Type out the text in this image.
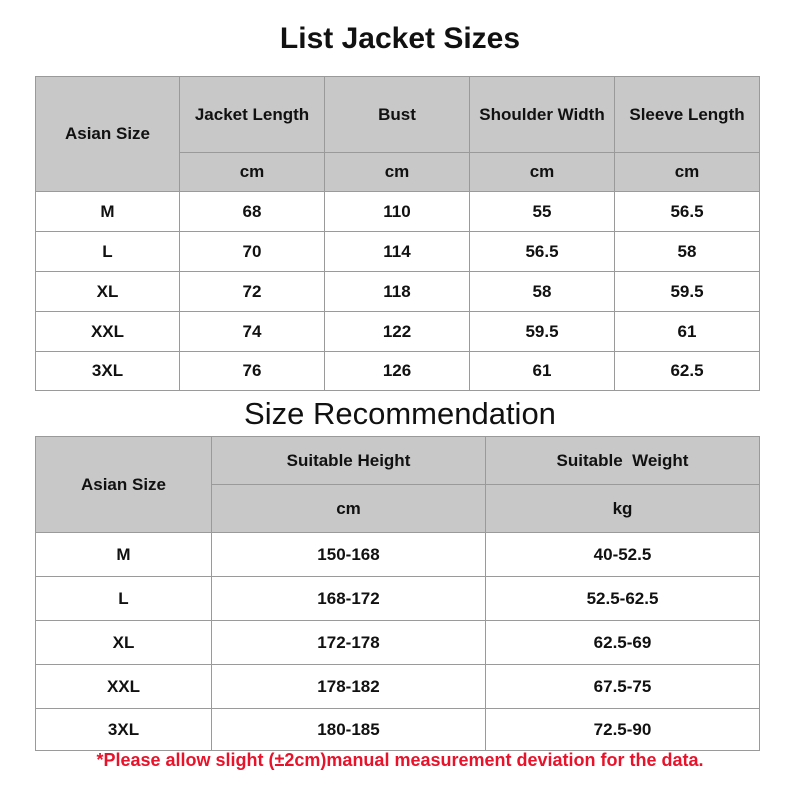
List Jacket Sizes
Asian Size	Jacket Length	Bust	Shoulder Width	Sleeve Length
	cm	cm	cm	cm
M	68	110	55	56.5
L	70	114	56.5	58
XL	72	118	58	59.5
XXL	74	122	59.5	61
3XL	76	126	61	62.5
Size Recommendation
Asian Size	Suitable Height	Suitable  Weight
	cm	kg
M	150-168	40-52.5
L	168-172	52.5-62.5
XL	172-178	62.5-69
XXL	178-182	67.5-75
3XL	180-185	72.5-90
*Please allow slight (±2cm)manual measurement deviation for the data.
